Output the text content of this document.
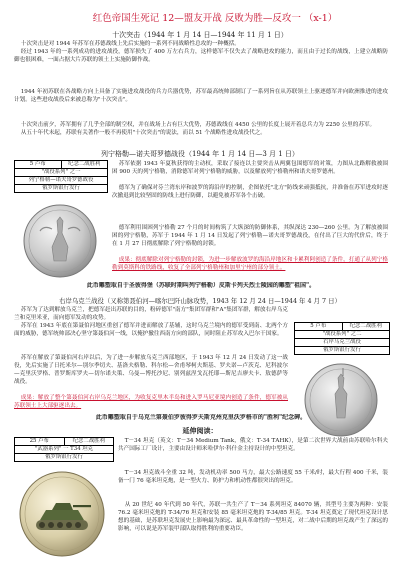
红色帝国生死记 12—盟友开战 反败为胜—反攻一 （x-1）
十次突击（1944 年 1 月 14 日—1944 年 11 月 1 日）
十次突击是对 1944 年苏军在苏德战线上先后实施的一系列不同战略性总攻的一种概括。
经过 1943 年的一系列成功的进攻战役，德军损失了 400 万左右兵力，这样德军不仅失去了战略进攻的能力，而且由于过长的战线，上建立战略防御也很困难，一面占据大片苏联的领土上实施防御作战。
1944 年初苏联在各战略方向上具备了实施进攻战役的兵力兵器优势，苏军最高统帅部制订了一系列旨在从苏联领土上驱逐德军并向欧洲推进的进攻计划。这些进攻战役后来被总称为"十次突击"。
十次突击前夕，苏军拥有了几乎全部的制空权，并在战场上占有巨大优势，苏德战线在 4450 公里的长度上展开着总兵力为 2250 公里的苏军。
从五十年代末起，苏联有关著作一般不再使用"十次突击"的说法，而以 51 个战略性进攻战役代之。
列宁格勒—诺夫哥罗德战役（1944 年 1 月 14 日—3 月 1 日）
5 卢布	纪念二战胜利
"战役系列" 之一
列宁格勒—诺夫哥罗德战役
俄罗斯银行发行
苏军依据 1943 年夏秋获得的主动权，采取了接连以主要突击从两翼包围德军的对策，力图从北路解救被围困 900 天的列宁格勒，消除德军对列宁格勒的威胁，以及解放列宁格勒州和诺夫哥罗德州。
德军为了确保对芬兰湾东岸和波罗的海沿岸的控制，企图依托"北方"防线来顽强抵抗，并准备在苏军进攻时逐次撤退到比较坚固的防线上进行防御，以避免被苏军各个击破。
德军利用围困列宁格勒 27 个月的时间构筑了大纵深的防御体系，其纵深达 230—260 公里。为了解放被围困的列宁格勒，苏军于 1944 年 1 月 14 日发起了列宁格勒—诺夫哥罗德战役，在付出了巨大的代价后，终于在 1 月 27 日彻底解除了列宁格勒的封锁。
成果：彻底解除对列宁格勒的封锁，为进一步解放波罗的海沿岸地区和卡累利阿创造了条件，打通了从列宁格勒到莫斯科的铁路线，收复了全部列宁格勒州和加里宁州的部分领土。
此币雕塑取自于圣彼得堡（苏联时期叫列宁格勒）皮斯卡列夫烈士陵园的雕塑"祖国"。
右岸乌克兰战役（又称第聂伯河—喀尔巴阡山脉攻势，1943 年 12 月 24 日—1944 年 4 月 7 日）
苏军为了达到解放乌克兰，把德军赶出苏联的目的，粉碎德军"南方"集团军群和"A"集团军群，解放右岸乌克兰和克里米亚，而向德军发动的攻势。
苏军在 1943 年底在第聂伯河地区重创了德军并进而解放了基辅，这时乌克兰境内的德军受到南、北两个方面的威胁，德军统帅部决心坚守第聂伯河一线，以掩护撤往西南方向的部队，同时阻止苏军攻入巴尔干国家。
苏军在解放了第聂伯河右岸以后，为了进一步解放乌克兰西部地区，于 1943 年 12 月 24 日发动了这一战役，先后实施了日托米尔—别尔季切夫、基洛夫格勒、科尔松—舍甫琴柯夫斯基、罗夫诺—卢茨克、尼科波尔—克里沃罗格、普罗斯库罗夫—切尔诺夫策、乌曼—博托沙尼、别列兹涅戈瓦托耶—斯尼吉廖夫卡、敖德萨等战役。
成果：解放了整个第聂伯河右岸乌克兰地区，为收复克里木半岛和进入罗马尼亚境内创造了条件，德军被从苏联领土上大部驱逐出去。
5 卢布	纪念二战胜利
"战役系列" 之二
右岸乌克兰战役
俄罗斯银行发行
此币雕塑取自于乌克兰第聂伯罗彼得罗夫斯克州克里沃罗格市的"胜利"纪念碑。
延伸阅读：
25 卢布	纪念二战胜利
"武器系列" 一 T34 坦克
俄罗斯银行发行
T－34 坦克（英文：T－34 Medium Tank，俄文：Т-34 ТАНК），是第二次世界大战前由苏联哈尔科夫共产国际工厂设计，主要由设计师米哈伊尔·科什金主持设计的中型坦克。
T－34 坦克战斗全重 32 吨，发动机功率 500 马力，最大公路速度 55 千米/时，最大行程 400 千米，装备一门 76 毫米坦克炮，是一型火力、防护力和机动性都很突出的坦克。
从 20 世纪 40 年代到 50 年代，苏联一共生产了 T－34 系列坦克 84070 辆，其型号主要为两种：安装 76.2 毫米坦克炮的 T-34/76 坦克和安装 85 毫米坦克炮的 T-34/85 坦克。T-34 坦克奠定了现代坦克设计思想的基础，是苏联坦克发展史上影响最为深远、最具革命性的一型坦克，对二战中后期的坦克战产生了深远的影响，可以说是苏军装甲部队取得胜利的重要功臣。
